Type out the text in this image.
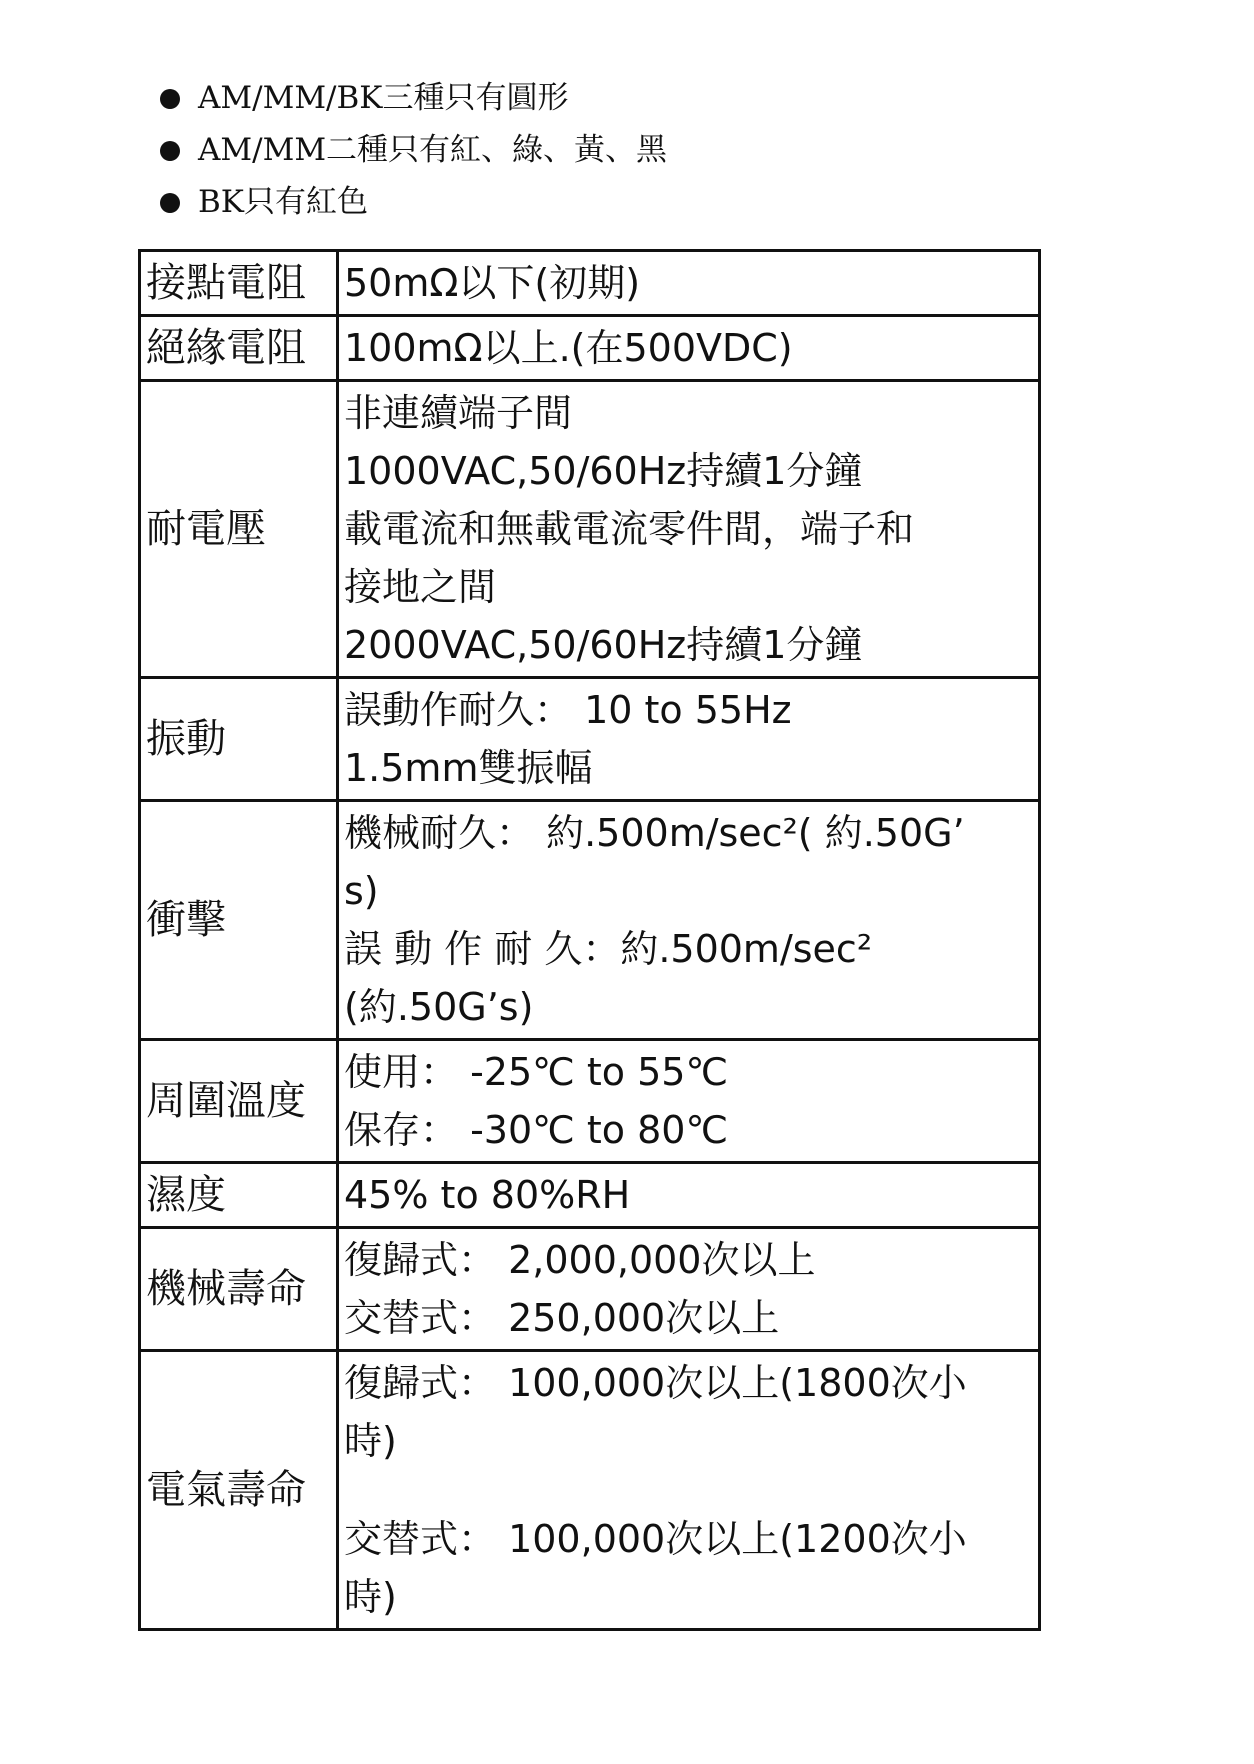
AM/MM/BK三種只有圓形
AM/MM二種只有紅、綠、黃、黑
BK只有紅色
接點電阻	50mΩ以下(初期)

絕緣電阻	100mΩ以上.(在500VDC)

耐電壓	非連續端子間
1000VAC,50/60Hz持續1分鐘
載電流和無載電流零件間，端子和
接地之間
2000VAC,50/60Hz持續1分鐘

振動	誤動作耐久： 10 to 55Hz
1.5mm雙振幅

衝擊	機械耐久： 約.500m/sec²( 約.50G’
s)
誤 動 作 耐 久：約.500m/sec²
(約.50G’s)

周圍溫度	使用： -25℃ to 55℃
保存： -30℃ to 80℃

濕度	45% to 80%RH

機械壽命	復歸式： 2,000,000次以上
交替式： 250,000次以上

電氣壽命	復歸式： 100,000次以上(1800次小
時)
交替式： 100,000次以上(1200次小
時)
